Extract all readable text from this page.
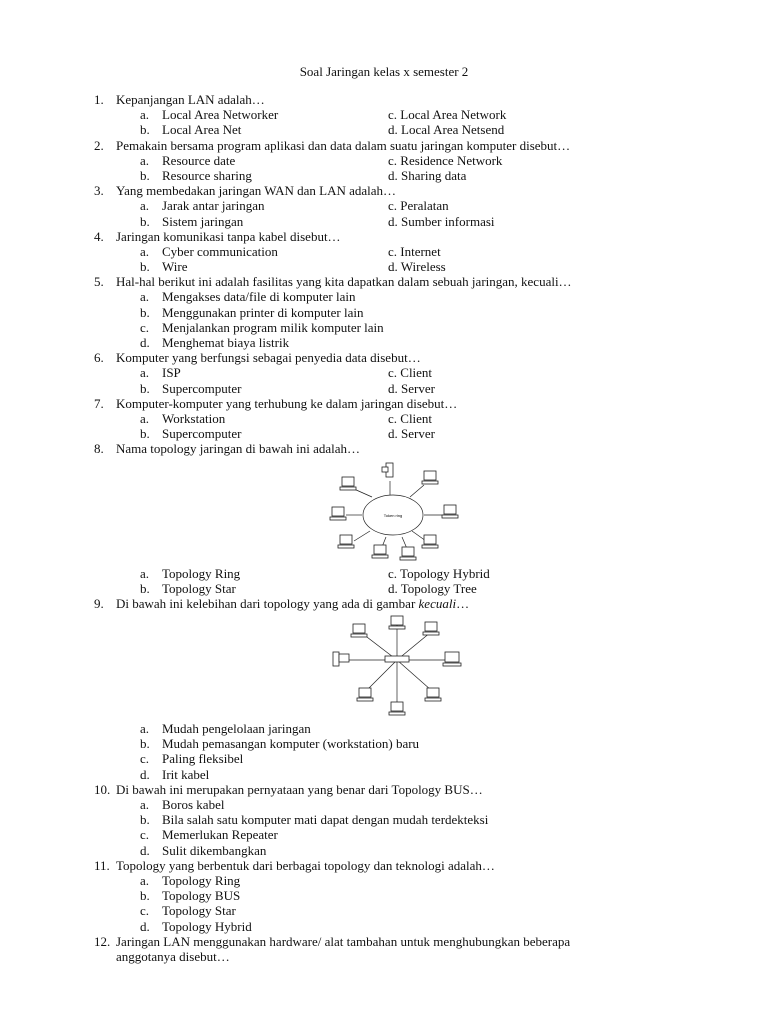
Soal Jaringan kelas x semester 2
1. Kepanjangan LAN adalah…
a. Local Area Networker	c. Local Area Network
b. Local Area Net	d. Local Area Netsend
2. Pemakain bersama program aplikasi dan data dalam suatu jaringan komputer disebut…
a. Resource date	c. Residence Network
b. Resource sharing	d. Sharing data
3. Yang membedakan jaringan WAN dan LAN adalah…
a. Jarak antar jaringan	c. Peralatan
b. Sistem jaringan	d. Sumber informasi
4. Jaringan komunikasi tanpa kabel disebut…
a. Cyber communication	c. Internet
b. Wire	d. Wireless
5. Hal-hal berikut ini adalah fasilitas yang kita dapatkan dalam sebuah jaringan, kecuali…
a. Mengakses data/file di komputer lain
b. Menggunakan printer di komputer lain
c. Menjalankan program milik komputer lain
d. Menghemat biaya listrik
6. Komputer yang berfungsi sebagai penyedia data disebut…
a. ISP	c. Client
b. Supercomputer	d. Server
7. Komputer-komputer yang terhubung ke dalam jaringan disebut…
a. Workstation	c. Client
b. Supercomputer	d. Server
8. Nama topology jaringan di bawah ini adalah…
Token ring
a. Topology Ring	c. Topology Hybrid
b. Topology Star	d. Topology Tree
9. Di bawah ini kelebihan dari topology yang ada di gambar kecuali…
a. Mudah pengelolaan jaringan
b. Mudah pemasangan komputer (workstation) baru
c. Paling fleksibel
d. Irit kabel
10. Di bawah ini merupakan pernyataan yang benar dari Topology BUS…
a. Boros kabel
b. Bila salah satu komputer mati dapat dengan mudah terdekteksi
c. Memerlukan Repeater
d. Sulit dikembangkan
11. Topology yang berbentuk dari berbagai topology dan teknologi adalah…
a. Topology Ring
b. Topology BUS
c. Topology Star
d. Topology Hybrid
12. Jaringan LAN menggunakan hardware/ alat tambahan untuk menghubungkan beberapa
anggotanya disebut…
